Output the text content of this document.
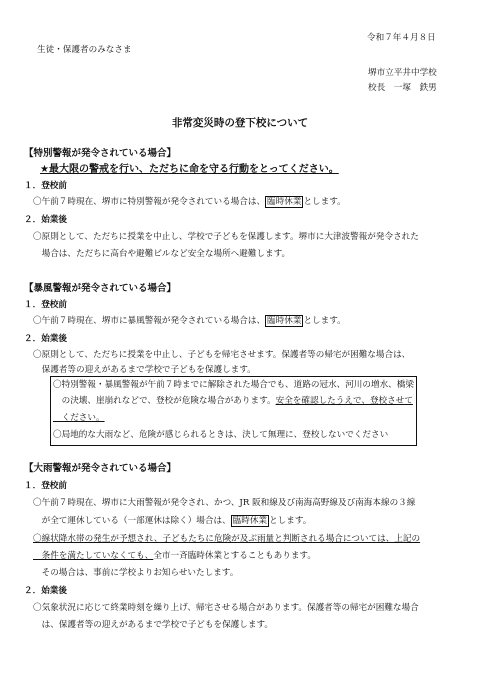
令和７年４月８日
生徒・保護者のみなさま
堺市立平井中学校
校長　一塚　鉄男
非常変災時の登下校について
【特別警報が発令されている場合】
★最大限の警戒を行い、ただちに命を守る行動をとってください。
１．登校前
〇午前７時現在、堺市に特別警報が発令されている場合は、 臨時休業 とします。
２．始業後
〇原則として、ただちに授業を中止し、学校で子どもを保護します。堺市に大津波警報が発令された
　場合は、ただちに高台や避難ビルなど安全な場所へ避難します。
【暴風警報が発令されている場合】
１．登校前
〇午前７時現在、堺市に暴風警報が発令されている場合は、 臨時休業 とします。
２．始業後
〇原則として、ただちに授業を中止し、子どもを帰宅させます。保護者等の帰宅が困難な場合は、
　保護者等の迎えがあるまで学校で子どもを保護します。
〇特別警報・暴風警報が午前７時までに解除された場合でも、道路の冠水、河川の増水、橋梁
　の決壊、崖崩れなどで、登校が危険な場合があります。安全を確認したうえで、登校させて
　ください。
〇局地的な大雨など、危険が感じられるときは、決して無理に、登校しないでください
【大雨警報が発令されている場合】
１．登校前
〇午前７時現在、堺市に大雨警報が発令され、かつ、JR 阪和線及び南海高野線及び南海本線の３線
　が全て運休している（一部運休は除く）場合は、 臨時休業 とします。
〇線状降水帯の発生が予想され、子どもたちに危険が及ぶ雨量と判断される場合については、上記の
　条件を満たしていなくても、全市一斉臨時休業とすることもあります。
　その場合は、事前に学校よりお知らせいたします。
２．始業後
〇気象状況に応じて終業時刻を繰り上げ、帰宅させる場合があります。保護者等の帰宅が困難な場合
　は、保護者等の迎えがあるまで学校で子どもを保護します。
